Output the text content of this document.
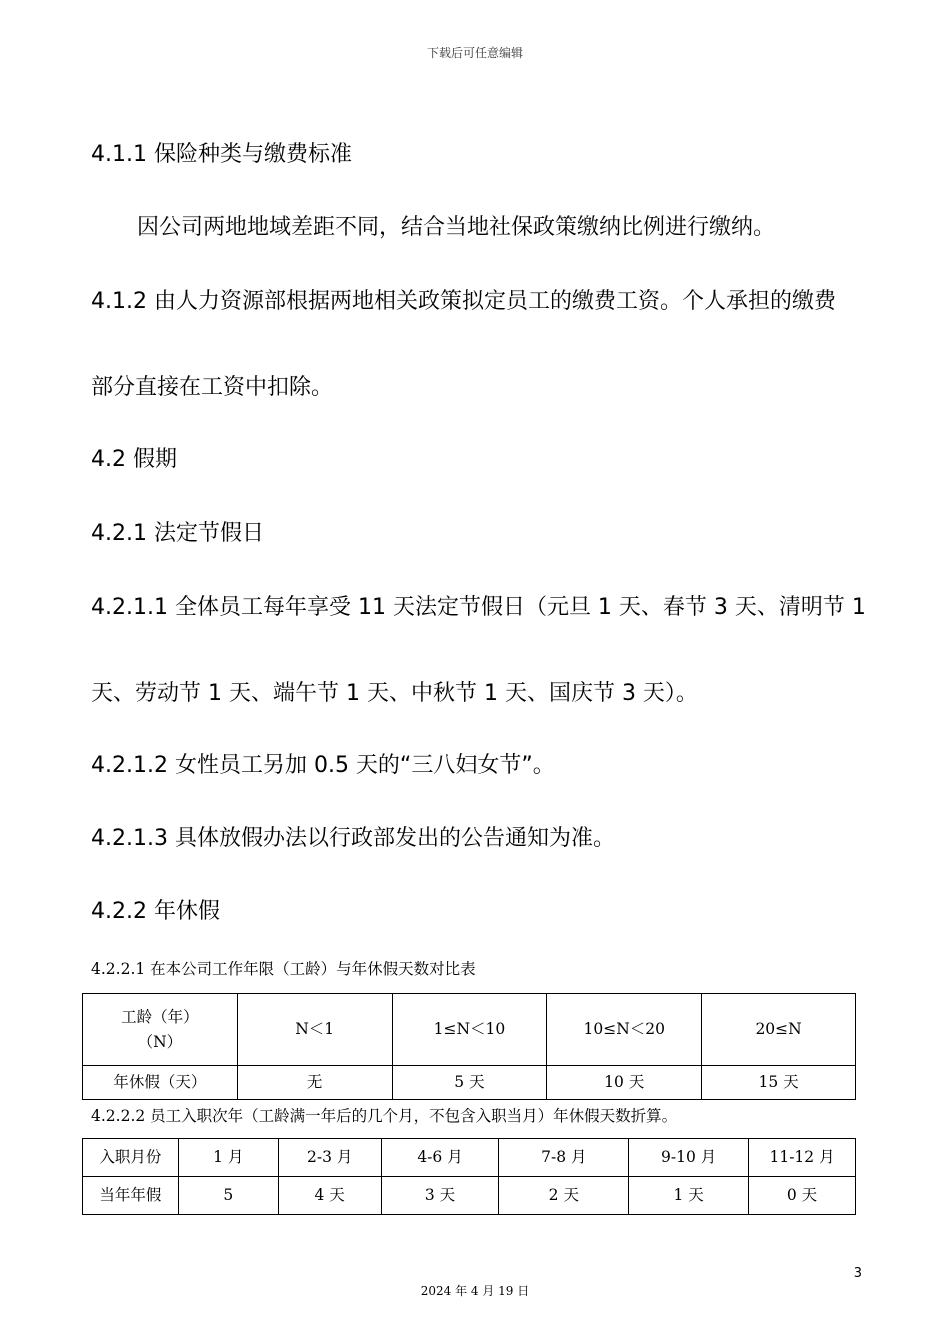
下载后可任意编辑
4.1.1 保险种类与缴费标准
因公司两地地域差距不同，结合当地社保政策缴纳比例进行缴纳。
4.1.2 由人力资源部根据两地相关政策拟定员工的缴费工资。个人承担的缴费
部分直接在工资中扣除。
4.2 假期
4.2.1 法定节假日
4.2.1.1 全体员工每年享受 11 天法定节假日（元旦 1 天、春节 3 天、清明节 1
天、劳动节 1 天、端午节 1 天、中秋节 1 天、国庆节 3 天）。
4.2.1.2 女性员工另加 0.5 天的“三八妇女节”。
4.2.1.3 具体放假办法以行政部发出的公告通知为准。
4.2.2 年休假
4.2.2.1 在本公司工作年限（工龄）与年休假天数对比表
工龄（年）
（N）	N＜1	1≤N＜10	10≤N＜20	20≤N
年休假（天）	无	5 天	10 天	15 天
4.2.2.2 员工入职次年（工龄满一年后的几个月，不包含入职当月）年休假天数折算。
入职月份	1 月	2-3 月	4-6 月	7-8 月	9-10 月	11-12 月
当年年假	5	4 天	3 天	2 天	1 天	0 天
3
2024 年 4 月 19 日
